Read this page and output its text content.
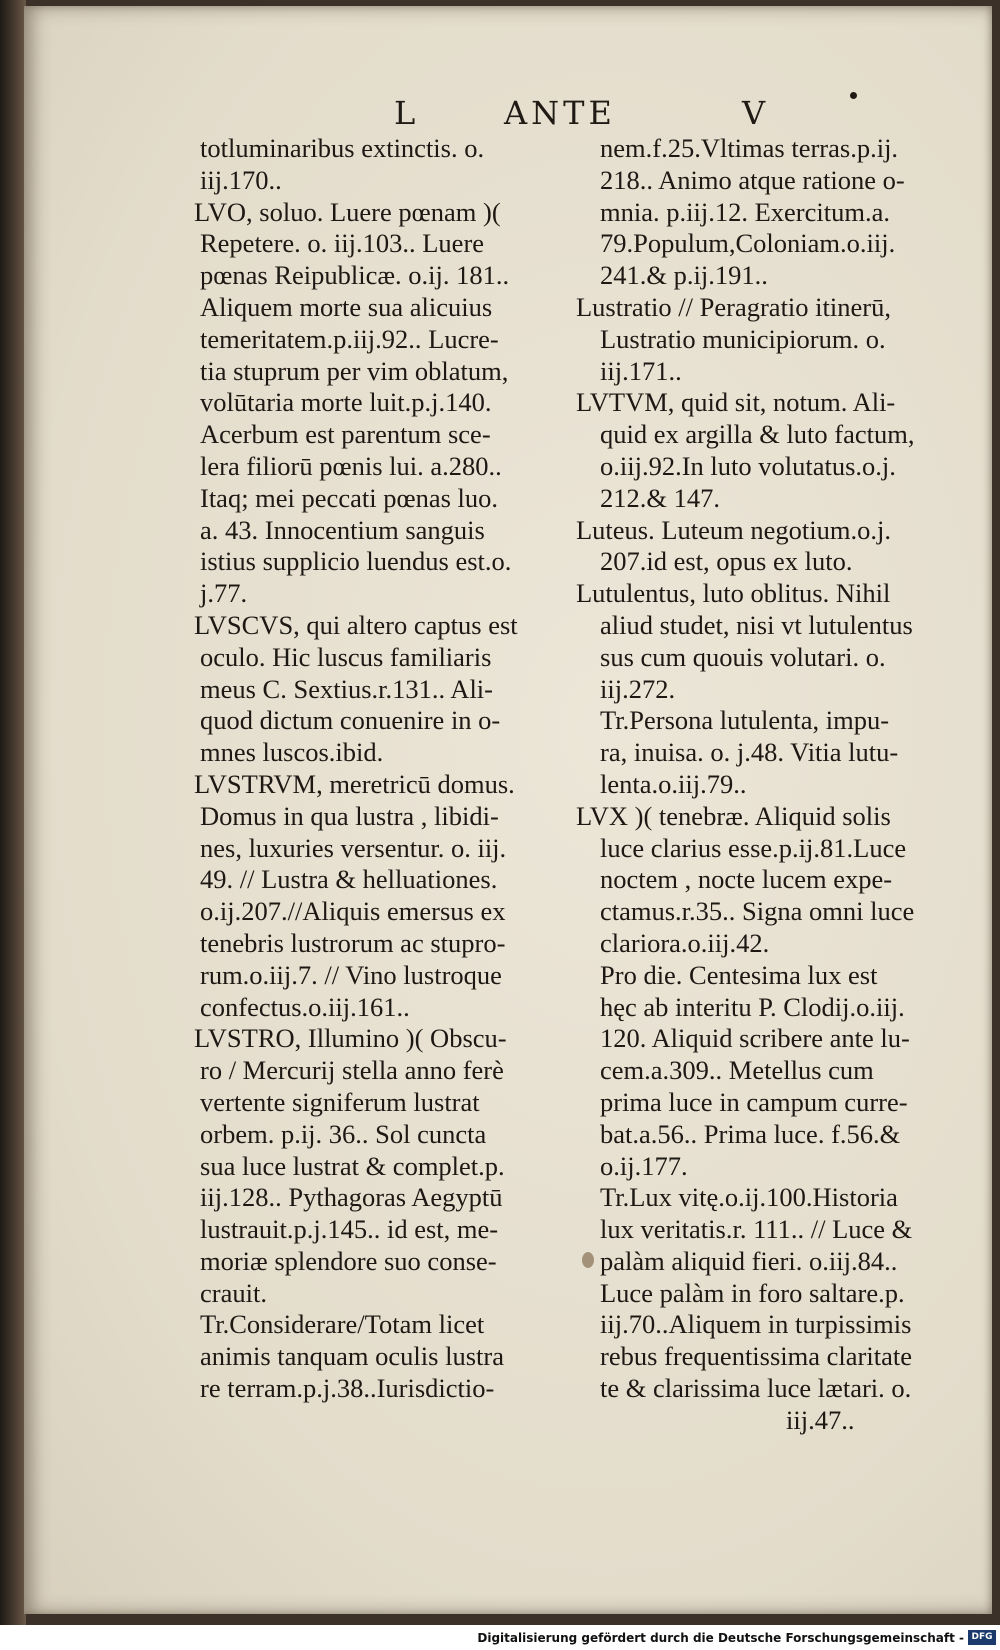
L	ANTE	V
totluminaribus extinctis. o.
iij.170..
LVO, soluo. Luere pœnam )(
Repetere. o. iij.103.. Luere
pœnas Reipublicæ. o.ij. 181..
Aliquem morte sua alicuius
temeritatem.p.iij.92.. Lucre-
tia stuprum per vim oblatum,
volūtaria morte luit.p.j.140.
Acerbum est parentum sce-
lera filiorū pœnis lui. a.280..
Itaq; mei peccati pœnas luo.
a. 43. Innocentium sanguis
istius supplicio luendus est.o.
j.77.
LVSCVS, qui altero captus est
oculo. Hic luscus familiaris
meus C. Sextius.r.131.. Ali-
quod dictum conuenire in o-
mnes luscos.ibid.
LVSTRVM, meretricū domus.
Domus in qua lustra , libidi-
nes, luxuries versentur. o. iij.
49. // Lustra & helluationes.
o.ij.207.//Aliquis emersus ex
tenebris lustrorum ac stupro-
rum.o.iij.7. // Vino lustroque
confectus.o.iij.161..
LVSTRO, Illumino )( Obscu-
ro / Mercurij stella anno ferè
vertente signiferum lustrat
orbem. p.ij. 36.. Sol cuncta
sua luce lustrat & complet.p.
iij.128.. Pythagoras Aegyptū
lustrauit.p.j.145.. id est, me-
moriæ splendore suo conse-
crauit.
Tr.Considerare/Totam licet
animis tanquam oculis lustra
re terram.p.j.38..Iurisdictio-
nem.f.25.Vltimas terras.p.ij.
218.. Animo atque ratione o-
mnia. p.iij.12. Exercitum.a.
79.Populum,Coloniam.o.iij.
241.& p.ij.191..
Lustratio // Peragratio itinerū,
Lustratio municipiorum. o.
iij.171..
LVTVM, quid sit, notum. Ali-
quid ex argilla & luto factum,
o.iij.92.In luto volutatus.o.j.
212.& 147.
Luteus. Luteum negotium.o.j.
207.id est, opus ex luto.
Lutulentus, luto oblitus. Nihil
aliud studet, nisi vt lutulentus
sus cum quouis volutari. o.
iij.272.
Tr.Persona lutulenta, impu-
ra, inuisa. o. j.48. Vitia lutu-
lenta.o.iij.79..
LVX )( tenebræ. Aliquid solis
luce clarius esse.p.ij.81.Luce
noctem , nocte lucem expe-
ctamus.r.35.. Signa omni luce
clariora.o.iij.42.
Pro die. Centesima lux est
hęc ab interitu P. Clodij.o.iij.
120. Aliquid scribere ante lu-
cem.a.309.. Metellus cum
prima luce in campum curre-
bat.a.56.. Prima luce. f.56.&
o.ij.177.
Tr.Lux vitę.o.ij.100.Historia
lux veritatis.r. 111.. // Luce &
palàm aliquid fieri. o.iij.84..
Luce palàm in foro saltare.p.
iij.70..Aliquem in turpissimis
rebus frequentissima claritate
te & clarissima luce lætari. o.
iij.47..
Digitalisierung gefördert durch die Deutsche Forschungsgemeinschaft - DFG
